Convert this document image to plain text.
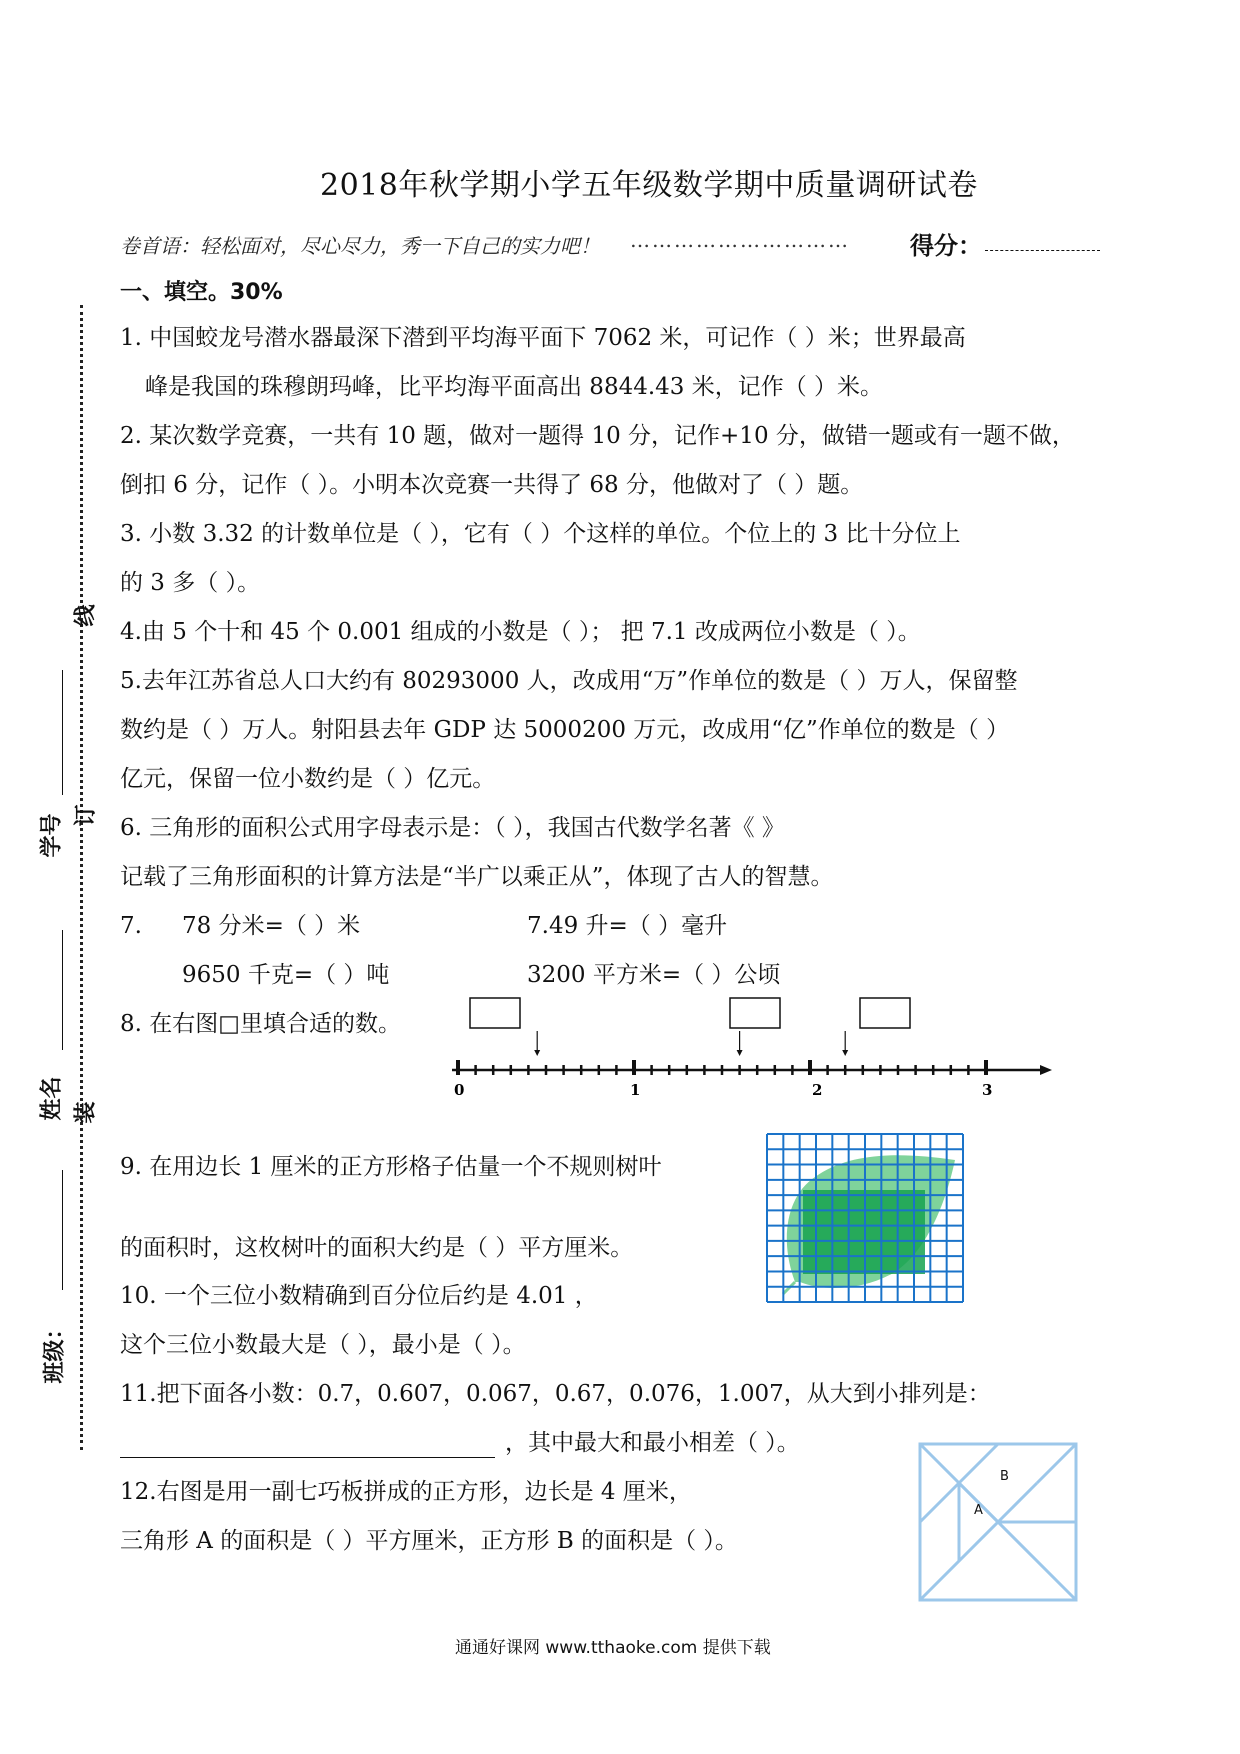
2018年秋学期小学五年级数学期中质量调研试卷
卷首语：轻松面对，尽心尽力，秀一下自己的实力吧！ …………………………	得分：
线
订
装
学号
姓名
班级：
一、填空。30%
1. 中国蛟龙号潜水器最深下潜到平均海平面下 7062 米，可记作（ ）米；世界最高
峰是我国的珠穆朗玛峰，比平均海平面高出 8844.43 米，记作（ ）米。
2. 某次数学竞赛，一共有 10 题，做对一题得 10 分，记作+10 分，做错一题或有一题不做，
倒扣 6 分，记作（ ）。小明本次竞赛一共得了 68 分，他做对了（ ）题。
3. 小数 3.32 的计数单位是（ ），它有（ ）个这样的单位。个位上的 3 比十分位上
的 3 多（ ）。
4.由 5 个十和 45 个 0.001 组成的小数是（ ）； 把 7.1 改成两位小数是（ ）。
5.去年江苏省总人口大约有 80293000 人，改成用“万”作单位的数是（ ）万人，保留整
数约是（ ）万人。射阳县去年 GDP 达 5000200 万元，改成用“亿”作单位的数是（ ）
亿元，保留一位小数约是（ ）亿元。
6. 三角形的面积公式用字母表示是：（ ），我国古代数学名著《 》
记载了三角形面积的计算方法是“半广以乘正从”，体现了古人的智慧。
7. 78 分米=（ ）米	7.49 升=（ ）毫升
9650 千克=（ ）吨	3200 平方米=（ ）公顷
8. 在右图□里填合适的数。
0	1	2	3
9. 在用边长 1 厘米的正方形格子估量一个不规则树叶
的面积时，这枚树叶的面积大约是（ ）平方厘米。
10. 一个三位小数精确到百分位后约是 4.01 ，
这个三位小数最大是（ ），最小是（ ）。
11.把下面各小数：0.7，0.607，0.067，0.67，0.076，1.007，从大到小排列是：
，其中最大和最小相差（ ）。
12.右图是用一副七巧板拼成的正方形，边长是 4 厘米，
三角形 A 的面积是（ ）平方厘米，正方形 B 的面积是（ ）。
B
A
通通好课网 www.tthaoke.com 提供下载
